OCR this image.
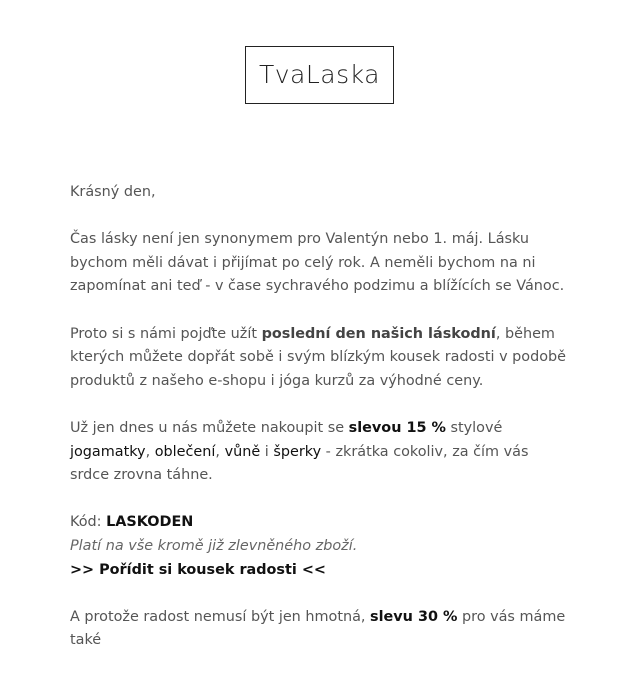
TvaLaska

Krásný den,

Čas lásky není jen synonymem pro Valentýn nebo 1. máj. Lásku bychom měli dávat i přijímat po celý rok. A neměli bychom na ni zapomínat ani teď - v čase sychravého podzimu a blížících se Vánoc.

Proto si s námi pojďte užít poslední den našich láskodní, během kterých můžete dopřát sobě i svým blízkým kousek radosti v podobě produktů z našeho e-shopu i jóga kurzů za výhodné ceny.

Už jen dnes u nás můžete nakoupit se slevou 15 % stylové jogamatky, oblečení, vůně i šperky - zkrátka cokoliv, za čím vás srdce zrovna táhne.

Kód: LASKODEN
Platí na vše kromě již zlevněného zboží.
>> Pořídit si kousek radosti <<

A protože radost nemusí být jen hmotná, slevu 30 % pro vás máme také
